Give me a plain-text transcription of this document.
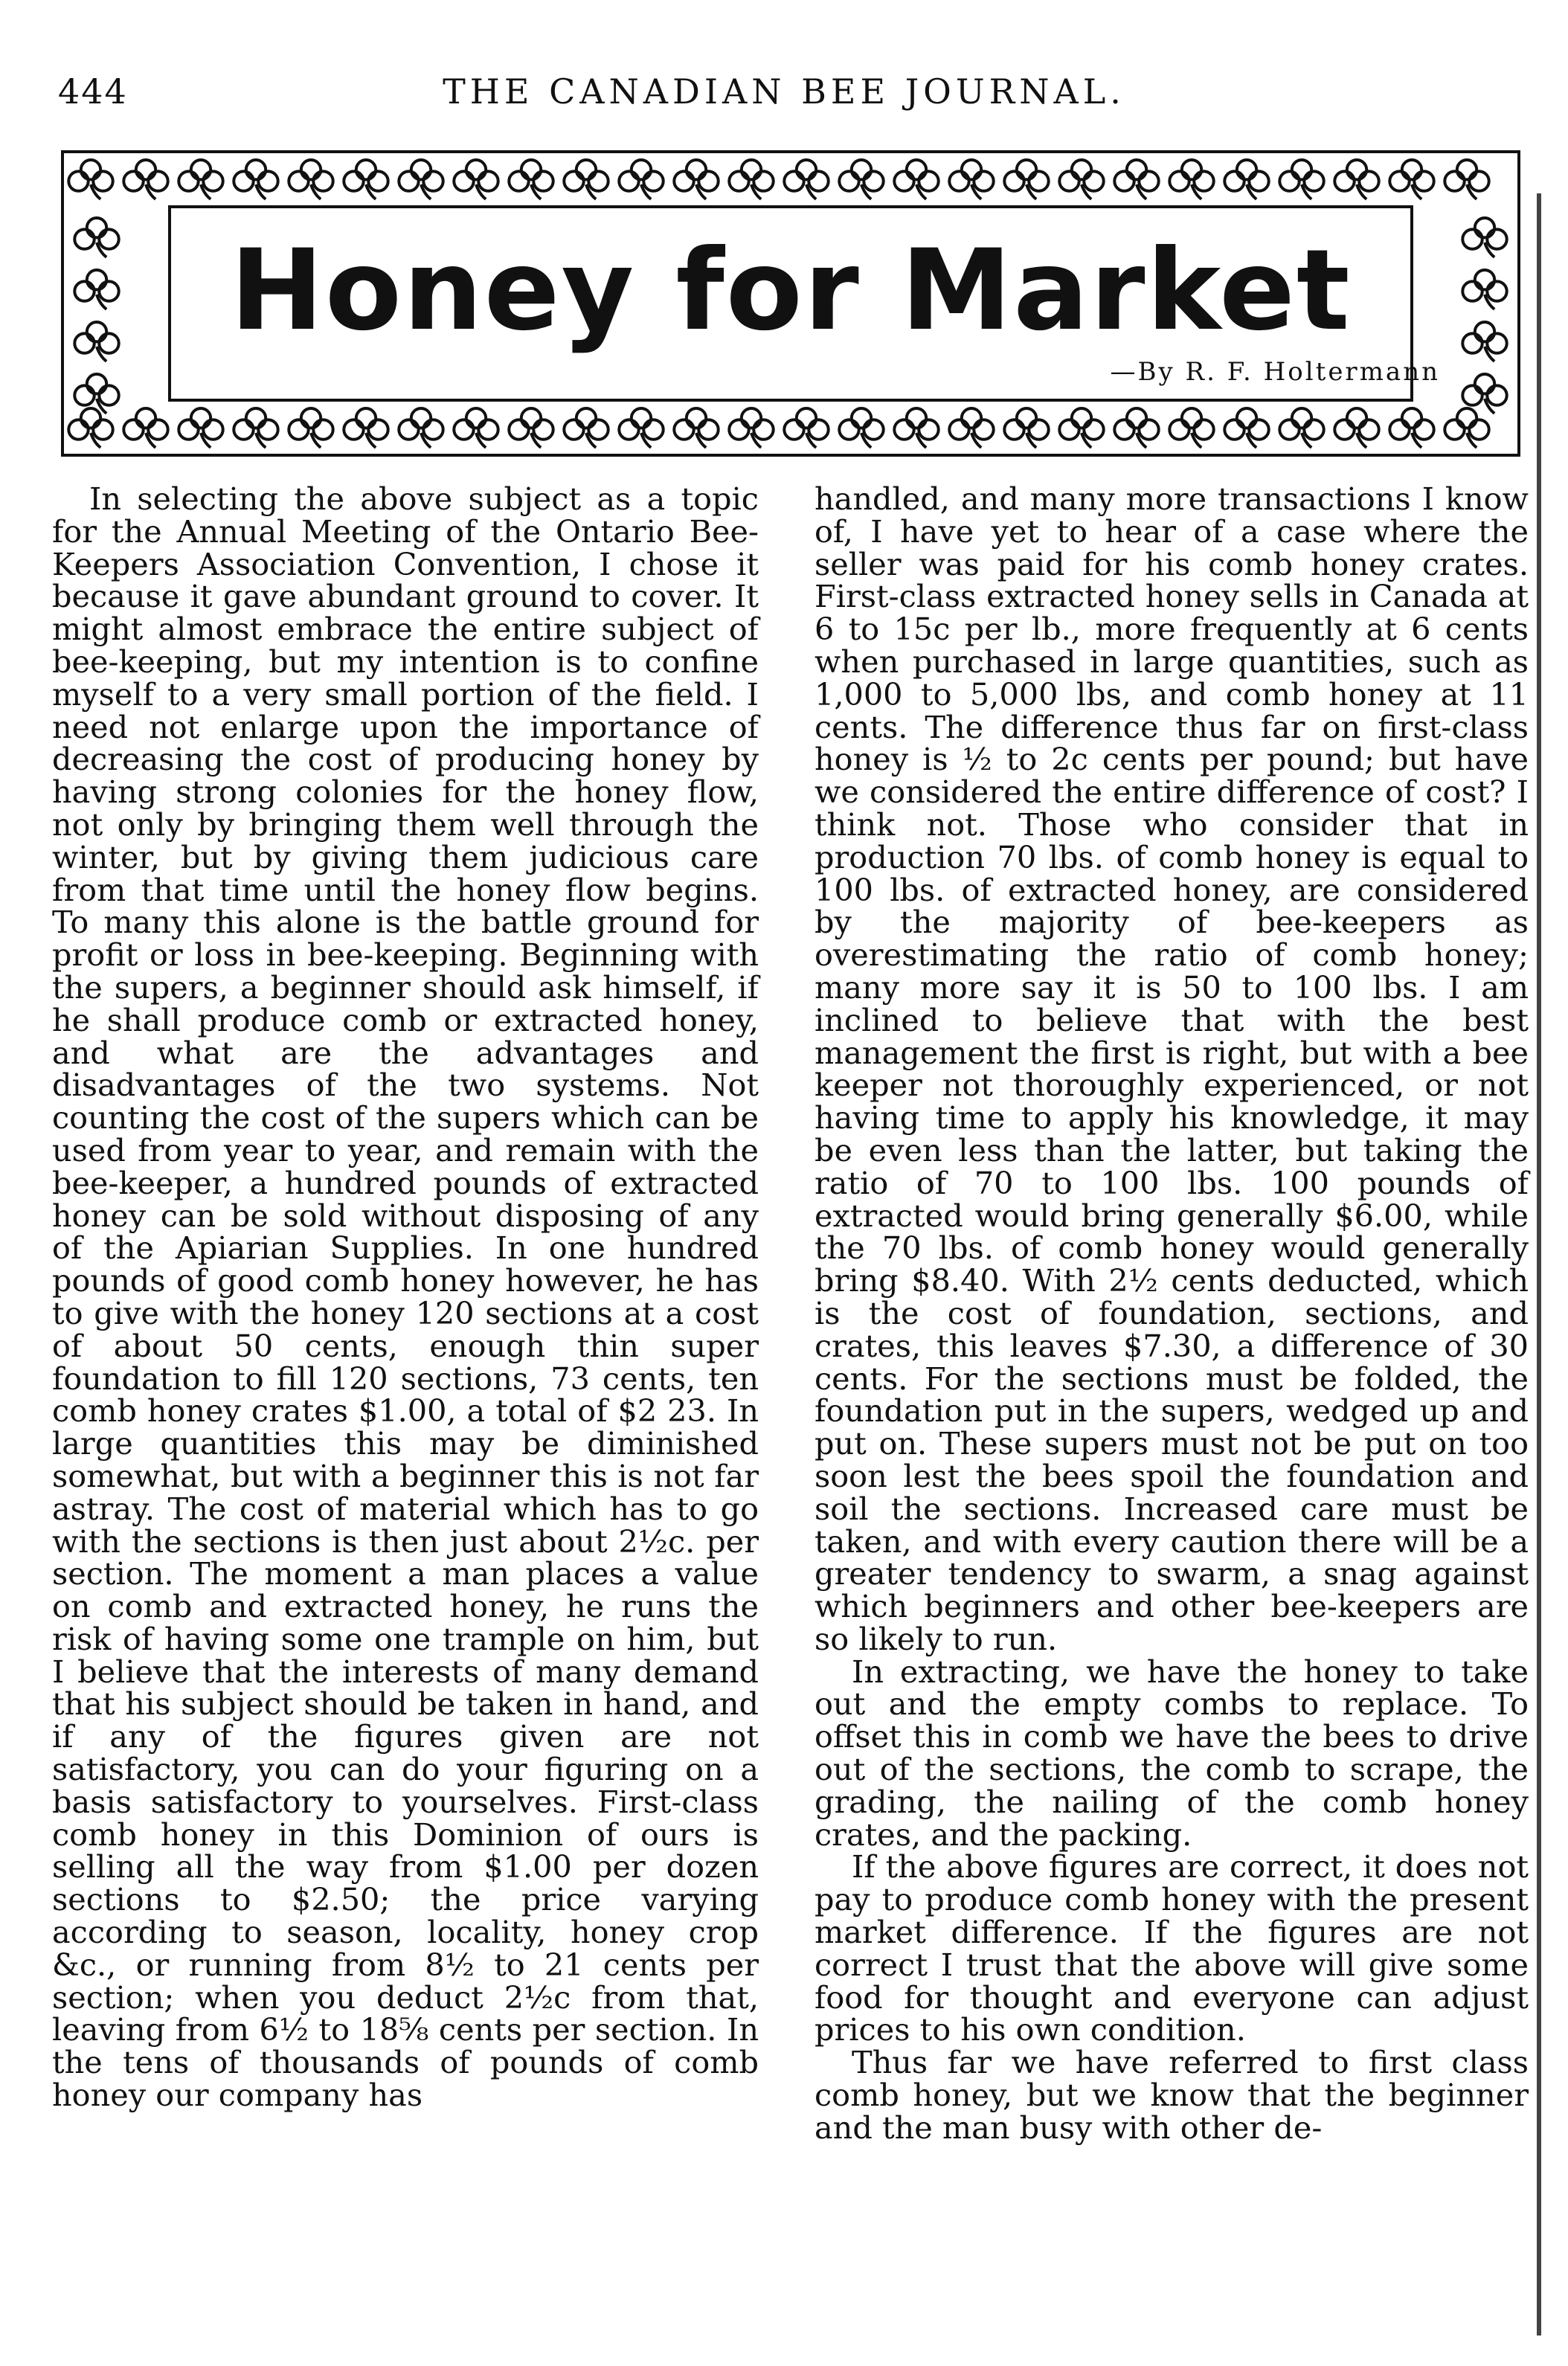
444	THE CANADIAN BEE JOURNAL.
Honey for Market
—By R. F. Holtermann

In selecting the above subject as a topic for the Annual Meeting of the Ontario Bee-Keepers Association Convention, I chose it because it gave abundant ground to cover. It might almost embrace the entire subject of bee-keeping, but my intention is to confine myself to a very small portion of the field. I need not enlarge upon the importance of decreasing the cost of producing honey by having strong colonies for the honey flow, not only by bringing them well through the winter, but by giving them judicious care from that time until the honey flow begins. To many this alone is the battle ground for profit or loss in bee-keeping. Beginning with the supers, a beginner should ask himself, if he shall produce comb or extracted honey, and what are the advantages and disadvantages of the two systems. Not counting the cost of the supers which can be used from year to year, and remain with the bee-keeper, a hundred pounds of extracted honey can be sold without disposing of any of the Apiarian Supplies. In one hundred pounds of good comb honey however, he has to give with the honey 120 sections at a cost of about 50 cents, enough thin super foundation to fill 120 sections, 73 cents, ten comb honey crates $1.00, a total of $2 23. In large quantities this may be diminished somewhat, but with a beginner this is not far astray. The cost of material which has to go with the sections is then just about 2½c. per section. The moment a man places a value on comb and extracted honey, he runs the risk of having some one trample on him, but I believe that the interests of many demand that his subject should be taken in hand, and if any of the figures given are not satisfactory, you can do your figuring on a basis satisfactory to yourselves. First-class comb honey in this Dominion of ours is selling all the way from $1.00 per dozen sections to $2.50; the price varying according to season, locality, honey crop &c., or running from 8½ to 21 cents per section; when you deduct 2½c from that, leaving from 6½ to 18⅝ cents per section. In the tens of thousands of pounds of comb honey our company has

handled, and many more transactions I know of, I have yet to hear of a case where the seller was paid for his comb honey crates. First-class extracted honey sells in Canada at 6 to 15c per lb., more frequently at 6 cents when purchased in large quantities, such as 1,000 to 5,000 lbs, and comb honey at 11 cents. The difference thus far on first-class honey is ½ to 2c cents per pound; but have we considered the entire difference of cost? I think not. Those who consider that in production 70 lbs. of comb honey is equal to 100 lbs. of extracted honey, are considered by the majority of bee-keepers as overestimating the ratio of comb honey; many more say it is 50 to 100 lbs. I am inclined to believe that with the best management the first is right, but with a bee keeper not thoroughly experienced, or not having time to apply his knowledge, it may be even less than the latter, but taking the ratio of 70 to 100 lbs. 100 pounds of extracted would bring generally $6.00, while the 70 lbs. of comb honey would generally bring $8.40. With 2½ cents deducted, which is the cost of foundation, sections, and crates, this leaves $7.30, a difference of 30 cents. For the sections must be folded, the foundation put in the supers, wedged up and put on. These supers must not be put on too soon lest the bees spoil the foundation and soil the sections. Increased care must be taken, and with every caution there will be a greater tendency to swarm, a snag against which beginners and other bee-keepers are so likely to run.

In extracting, we have the honey to take out and the empty combs to replace. To offset this in comb we have the bees to drive out of the sections, the comb to scrape, the grading, the nailing of the comb honey crates, and the packing.

If the above figures are correct, it does not pay to produce comb honey with the present market difference. If the figures are not correct I trust that the above will give some food for thought and everyone can adjust prices to his own condition.

Thus far we have referred to first class comb honey, but we know that the beginner and the man busy with other de-
